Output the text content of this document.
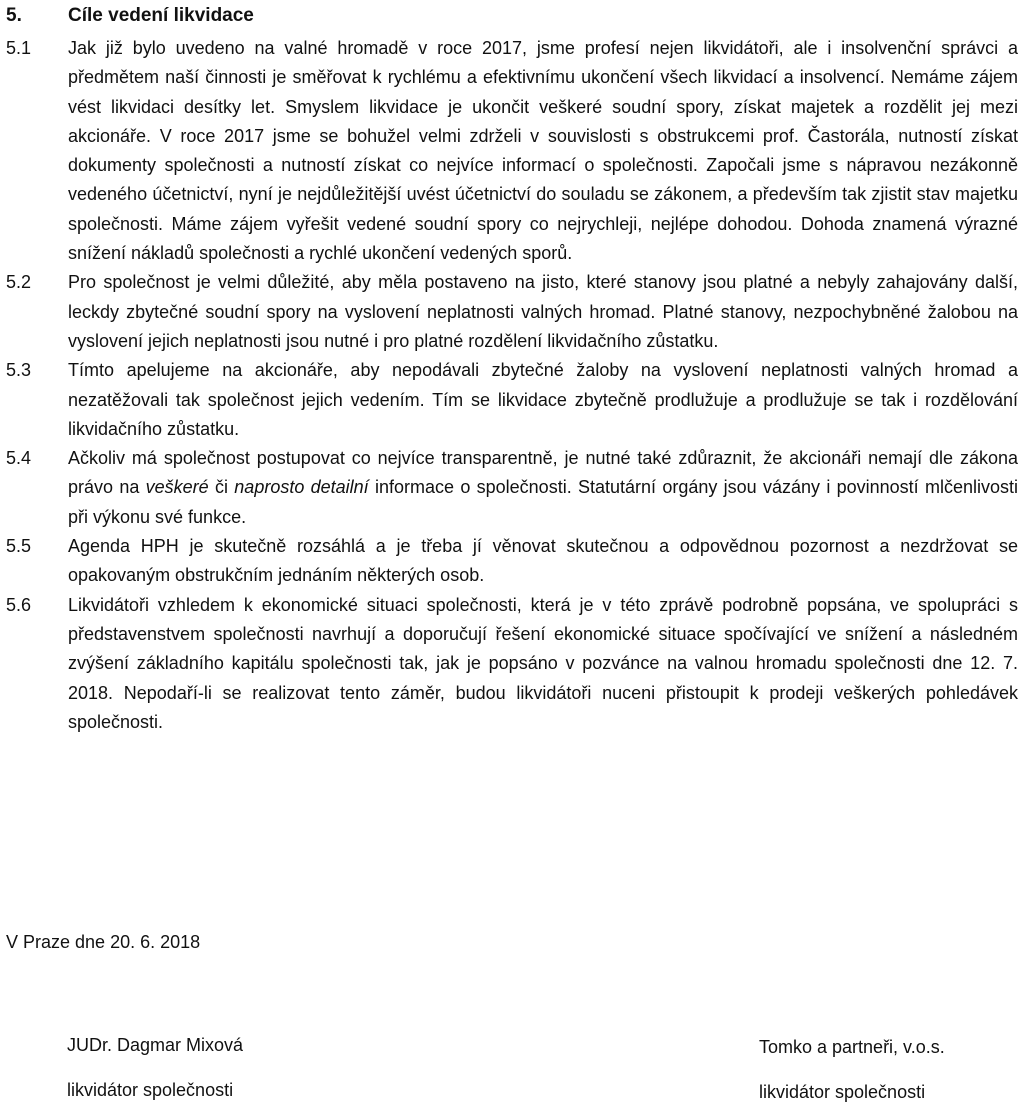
5.	Cíle vedení likvidace
5.1	Jak již bylo uvedeno na valné hromadě v roce 2017, jsme profesí nejen likvidátoři, ale i insolvenční správci a předmětem naší činnosti je směřovat k rychlému a efektivnímu ukončení všech likvidací a insolvencí. Nemáme zájem vést likvidaci desítky let. Smyslem likvidace je ukončit veškeré soudní spory, získat majetek a rozdělit jej mezi akcionáře. V roce 2017 jsme se bohužel velmi zdrželi v souvislosti s obstrukcemi prof. Častorála, nutností získat dokumenty společnosti a nutností získat co nejvíce informací o společnosti. Započali jsme s nápravou nezákonně vedeného účetnictví, nyní je nejdůležitější uvést účetnictví do souladu se zákonem, a především tak zjistit stav majetku společnosti. Máme zájem vyřešit vedené soudní spory co nejrychleji, nejlépe dohodou. Dohoda znamená výrazné snížení nákladů společnosti a rychlé ukončení vedených sporů.
5.2	Pro společnost je velmi důležité, aby měla postaveno na jisto, které stanovy jsou platné a nebyly zahajovány další, leckdy zbytečné soudní spory na vyslovení neplatnosti valných hromad. Platné stanovy, nezpochybněné žalobou na vyslovení jejich neplatnosti jsou nutné i pro platné rozdělení likvidačního zůstatku.
5.3	Tímto apelujeme na akcionáře, aby nepodávali zbytečné žaloby na vyslovení neplatnosti valných hromad a nezatěžovali tak společnost jejich vedením. Tím se likvidace zbytečně prodlužuje a prodlužuje se tak i rozdělování likvidačního zůstatku.
5.4	Ačkoliv má společnost postupovat co nejvíce transparentně, je nutné také zdůraznit, že akcionáři nemají dle zákona právo na veškeré či naprosto detailní informace o společnosti. Statutární orgány jsou vázány i povinností mlčenlivosti při výkonu své funkce.
5.5	Agenda HPH je skutečně rozsáhlá a je třeba jí věnovat skutečnou a odpovědnou pozornost a nezdržovat se opakovaným obstrukčním jednáním některých osob.
5.6	Likvidátoři vzhledem k ekonomické situaci společnosti, která je v této zprávě podrobně popsána, ve spolupráci s představenstvem společnosti navrhují a doporučují řešení ekonomické situace spočívající ve snížení a následném zvýšení základního kapitálu společnosti tak, jak je popsáno v pozvánce na valnou hromadu společnosti dne 12. 7. 2018. Nepodaří-li se realizovat tento záměr, budou likvidátoři nuceni přistoupit k prodeji veškerých pohledávek společnosti.
V Praze dne 20. 6. 2018
JUDr. Dagmar Mixová
likvidátor společnosti
Tomko a partneři, v.o.s.
likvidátor společnosti
